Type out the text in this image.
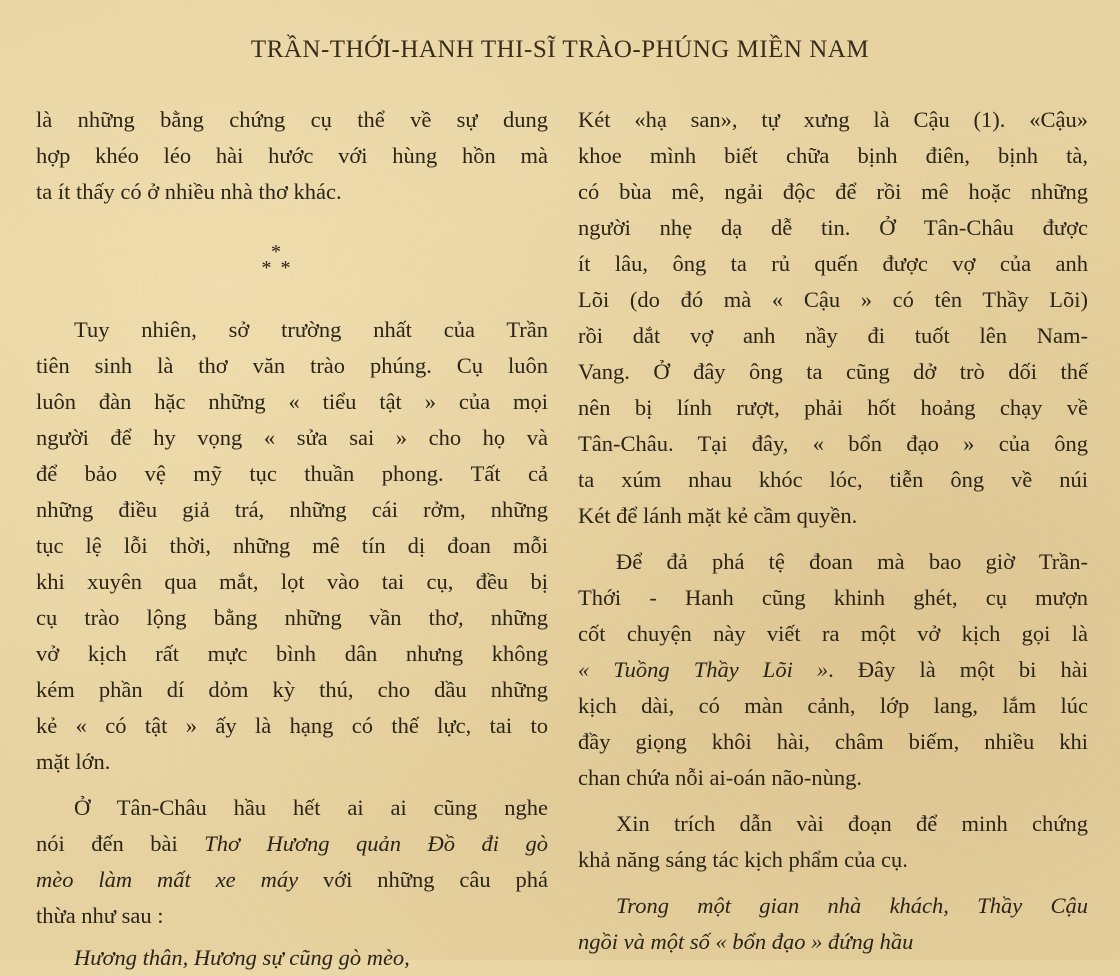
TRẦN-THỚI-HANH THI-SĨ TRÀO-PHÚNG MIỀN NAM
là những bằng chứng cụ thể về sự dung
hợp khéo léo hài hước với hùng hồn mà
ta ít thấy có ở nhiều nhà thơ khác.
*
* *
Tuy nhiên, sở trường nhất của Trần
tiên sinh là thơ văn trào phúng. Cụ luôn
luôn đàn hặc những « tiểu tật » của mọi
người để hy vọng « sửa sai » cho họ và
để bảo vệ mỹ tục thuần phong. Tất cả
những điều giả trá, những cái rởm, những
tục lệ lỗi thời, những mê tín dị đoan mỗi
khi xuyên qua mắt, lọt vào tai cụ, đều bị
cụ trào lộng bằng những vần thơ, những
vở kịch rất mực bình dân nhưng không
kém phần dí dỏm kỳ thú, cho dầu những
kẻ « có tật » ấy là hạng có thế lực, tai to
mặt lớn.
Ở Tân-Châu hầu hết ai ai cũng nghe
nói đến bài Thơ Hương quản Đồ đi gò
mèo làm mất xe máy với những câu phá
thừa như sau :
Hương thân, Hương sự cũng gò mèo,
Két «hạ san», tự xưng là Cậu (1). «Cậu»
khoe mình biết chữa bịnh điên, bịnh tà,
có bùa mê, ngải độc để rồi mê hoặc những
người nhẹ dạ dễ tin. Ở Tân-Châu được
ít lâu, ông ta rủ quến được vợ của anh
Lõi (do đó mà « Cậu » có tên Thầy Lõi)
rồi dắt vợ anh nầy đi tuốt lên Nam-
Vang. Ở đây ông ta cũng dở trò dối thế
nên bị lính rượt, phải hốt hoảng chạy về
Tân-Châu. Tại đây, « bổn đạo » của ông
ta xúm nhau khóc lóc, tiễn ông về núi
Két để lánh mặt kẻ cầm quyền.
Để đả phá tệ đoan mà bao giờ Trần-
Thới - Hanh cũng khinh ghét, cụ mượn
cốt chuyện này viết ra một vở kịch gọi là
« Tuồng Thầy Lõi ». Đây là một bi hài
kịch dài, có màn cảnh, lớp lang, lắm lúc
đầy giọng khôi hài, châm biếm, nhiều khi
chan chứa nỗi ai-oán não-nùng.
Xin trích dẫn vài đoạn để minh chứng
khả năng sáng tác kịch phẩm của cụ.
Trong một gian nhà khách, Thầy Cậu
ngồi và một số « bổn đạo » đứng hầu
